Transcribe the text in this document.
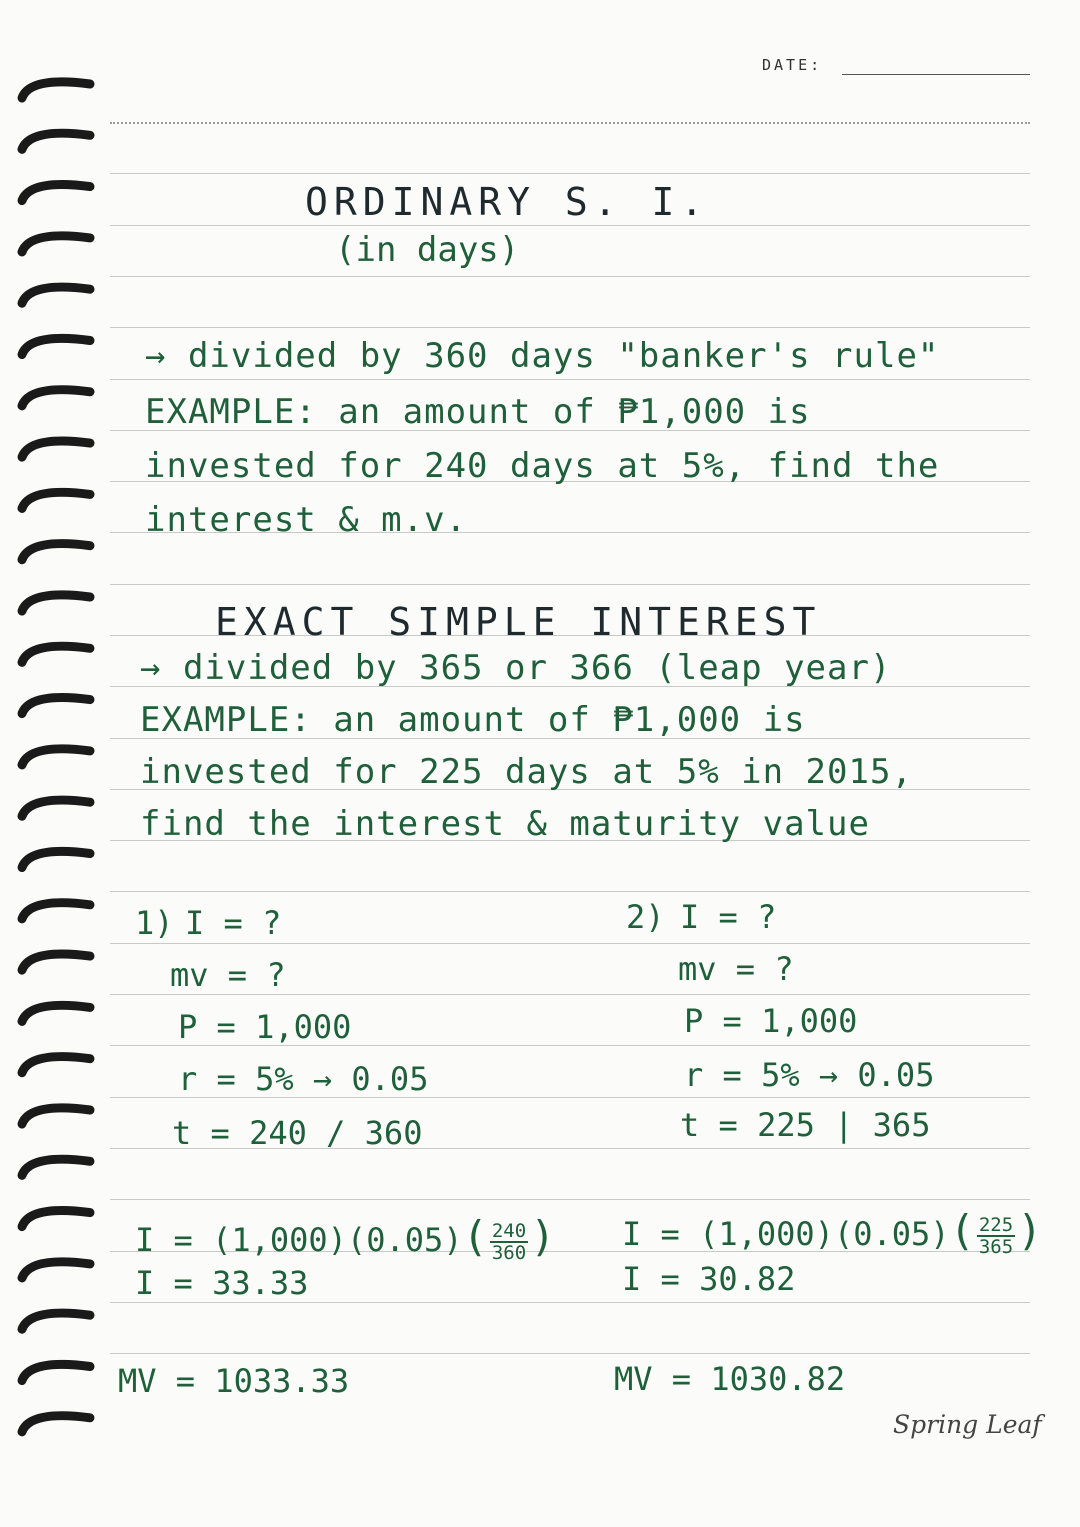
DATE:
ORDINARY S. I.
(in days)
→ divided by 360 days "banker's rule"
EXAMPLE: an amount of ₱1,000 is
invested for 240 days at 5%, find the
interest & m.v.
EXACT SIMPLE INTEREST
→ divided by 365 or 366 (leap year)
EXAMPLE: an amount of ₱1,000 is
invested for 225 days at 5% in 2015,
find the interest & maturity value
1) I = ?
mv = ?
P = 1,000
r = 5% → 0.05
t = 240 / 360
$I = (1,000)(0.05)( \frac{240}{360}$ )
I = 33.33
MV = 1033.33
2) I = ?
mv = ?
P = 1,000
r = 5% → 0.05
t = 225 | 365
$I = (1,000)(0.05)( \frac{225}{365}$ )
I = 30.82
MV = 1030.82
Spring Leaf
